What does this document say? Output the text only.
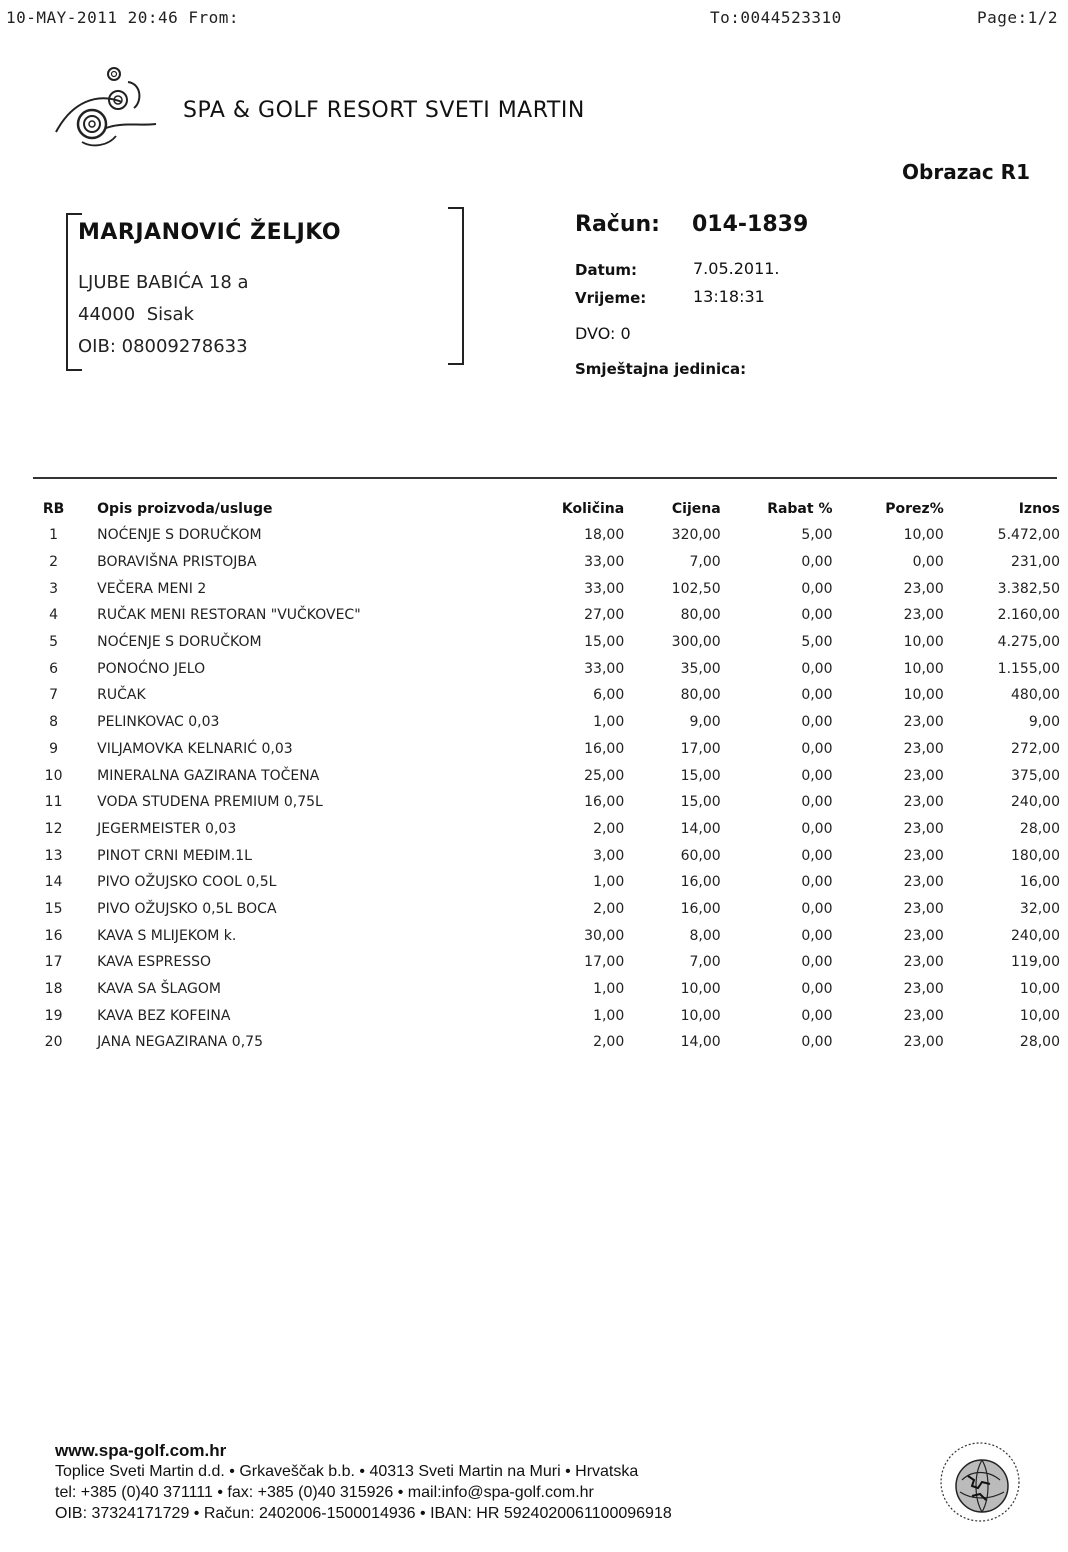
10-MAY-2011 20:46 From:	To:0044523310	Page:1/2
SPA & GOLF RESORT SVETI MARTIN
Obrazac R1
MARJANOVIĆ ŽELJKO
LJUBE BABIĆA 18 a
44000  Sisak
OIB: 08009278633
Račun: 014-1839
Datum:	7.05.2011.
Vrijeme:	13:18:31
DVO: 0
Smještajna jedinica:
RB	Opis proizvoda/usluge	Količina	Cijena	Rabat %	Porez%	Iznos
1	NOĆENJE S DORUČKOM	18,00	320,00	5,00	10,00	5.472,00
2	BORAVIŠNA PRISTOJBA	33,00	7,00	0,00	0,00	231,00
3	VEČERA MENI 2	33,00	102,50	0,00	23,00	3.382,50
4	RUČAK MENI RESTORAN "VUČKOVEC"	27,00	80,00	0,00	23,00	2.160,00
5	NOĆENJE S DORUČKOM	15,00	300,00	5,00	10,00	4.275,00
6	PONOĆNO JELO	33,00	35,00	0,00	10,00	1.155,00
7	RUČAK	6,00	80,00	0,00	10,00	480,00
8	PELINKOVAC 0,03	1,00	9,00	0,00	23,00	9,00
9	VILJAMOVKA KELNARIĆ 0,03	16,00	17,00	0,00	23,00	272,00
10	MINERALNA GAZIRANA TOČENA	25,00	15,00	0,00	23,00	375,00
11	VODA STUDENA PREMIUM 0,75L	16,00	15,00	0,00	23,00	240,00
12	JEGERMEISTER 0,03	2,00	14,00	0,00	23,00	28,00
13	PINOT CRNI MEĐIM.1L	3,00	60,00	0,00	23,00	180,00
14	PIVO OŽUJSKO COOL 0,5L	1,00	16,00	0,00	23,00	16,00
15	PIVO OŽUJSKO 0,5L BOCA	2,00	16,00	0,00	23,00	32,00
16	KAVA S MLIJEKOM k.	30,00	8,00	0,00	23,00	240,00
17	KAVA ESPRESSO	17,00	7,00	0,00	23,00	119,00
18	KAVA SA ŠLAGOM	1,00	10,00	0,00	23,00	10,00
19	KAVA BEZ KOFEINA	1,00	10,00	0,00	23,00	10,00
20	JANA NEGAZIRANA 0,75	2,00	14,00	0,00	23,00	28,00
www.spa-golf.com.hr
Toplice Sveti Martin d.d. • Grkaveščak b.b. • 40313 Sveti Martin na Muri • Hrvatska
tel: +385 (0)40 371111 • fax: +385 (0)40 315926 • mail:info@spa-golf.com.hr
OIB: 37324171729 • Račun: 2402006-1500014936 • IBAN: HR 5924020061100096918
